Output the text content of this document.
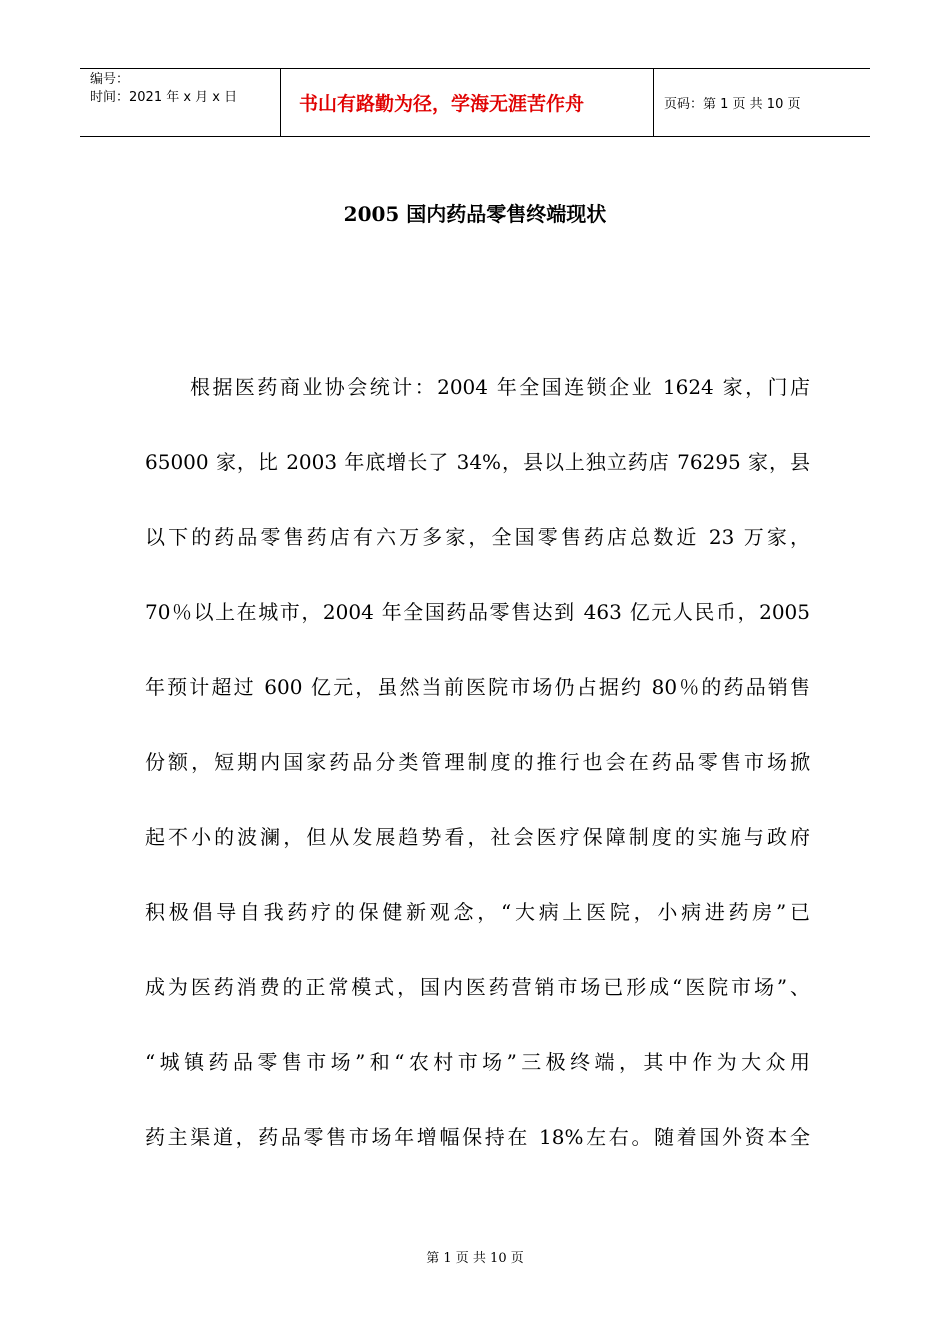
编号：
时间：2021 年 x 月 x 日	书山有路勤为径，学海无涯苦作舟	页码：第 1 页 共 10 页
2005 国内药品零售终端现状
根据医药商业协会统计：2004 年全国连锁企业 1624 家，门店
65000 家，比 2003 年底增长了 34%，县以上独立药店 76295 家，县
以下的药品零售药店有六万多家，全国零售药店总数近 23 万家，
70％以上在城市，2004 年全国药品零售达到 463 亿元人民币，2005
年预计超过 600 亿元，虽然当前医院市场仍占据约 80％的药品销售
份额，短期内国家药品分类管理制度的推行也会在药品零售市场掀
起不小的波澜，但从发展趋势看，社会医疗保障制度的实施与政府
积极倡导自我药疗的保健新观念，“大病上医院，小病进药房”已
成为医药消费的正常模式，国内医药营销市场已形成“医院市场”、
“城镇药品零售市场”和“农村市场”三极终端，其中作为大众用
药主渠道，药品零售市场年增幅保持在 18%左右。随着国外资本全
第 1 页 共 10 页
